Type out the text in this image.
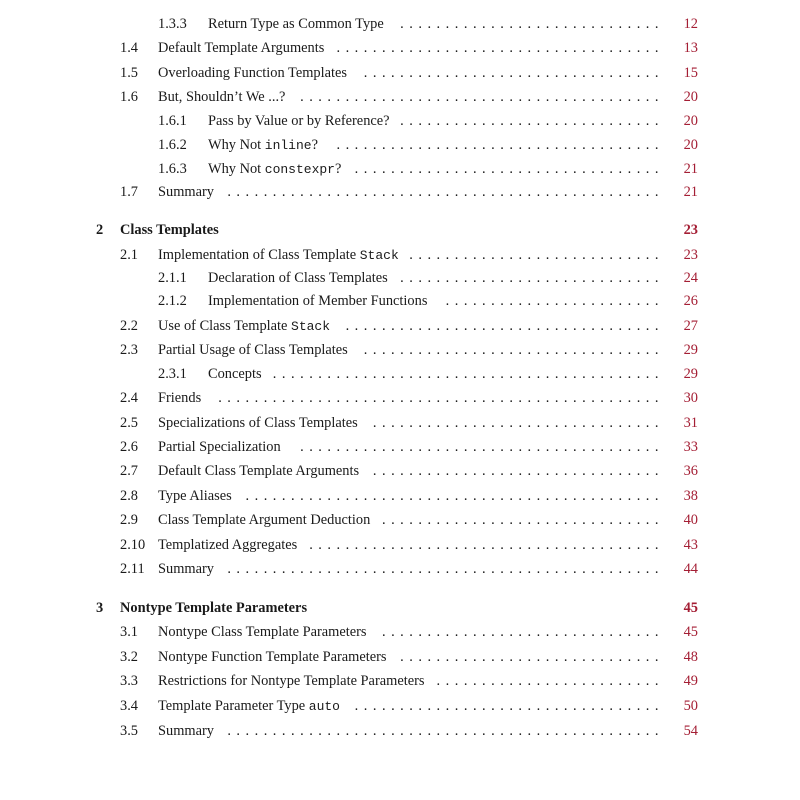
1.3.3 Return Type as Common Type	12
.............................
1.4 Default Template Arguments	13
....................................
1.5 Overloading Function Templates	15
.................................
1.6 But, Shouldn’t We ...?	20
........................................
1.6.1 Pass by Value or by Reference?	20
.............................
1.6.2 Why Not inline?	20
....................................
1.6.3 Why Not constexpr?	21
..................................
1.7 Summary	21
................................................
2 Class Templates	23
2.1 Implementation of Class Template Stack	23
............................
2.1.1 Declaration of Class Templates	24
.............................
2.1.2 Implementation of Member Functions	26
........................
2.2 Use of Class Template Stack	27
...................................
2.3 Partial Usage of Class Templates	29
.................................
2.3.1 Concepts	29
...........................................
2.4 Friends	30
.................................................
2.5 Specializations of Class Templates	31
................................
2.6 Partial Specialization	33
........................................
2.7 Default Class Template Arguments	36
................................
2.8 Type Aliases	38
..............................................
2.9 Class Template Argument Deduction	40
...............................
2.10 Templatized Aggregates	43
.......................................
2.11 Summary	44
................................................
3 Nontype Template Parameters	45
3.1 Nontype Class Template Parameters	45
...............................
3.2 Nontype Function Template Parameters	48
.............................
3.3 Restrictions for Nontype Template Parameters	49
.........................
3.4 Template Parameter Type auto	50
..................................
3.5 Summary	54
................................................
